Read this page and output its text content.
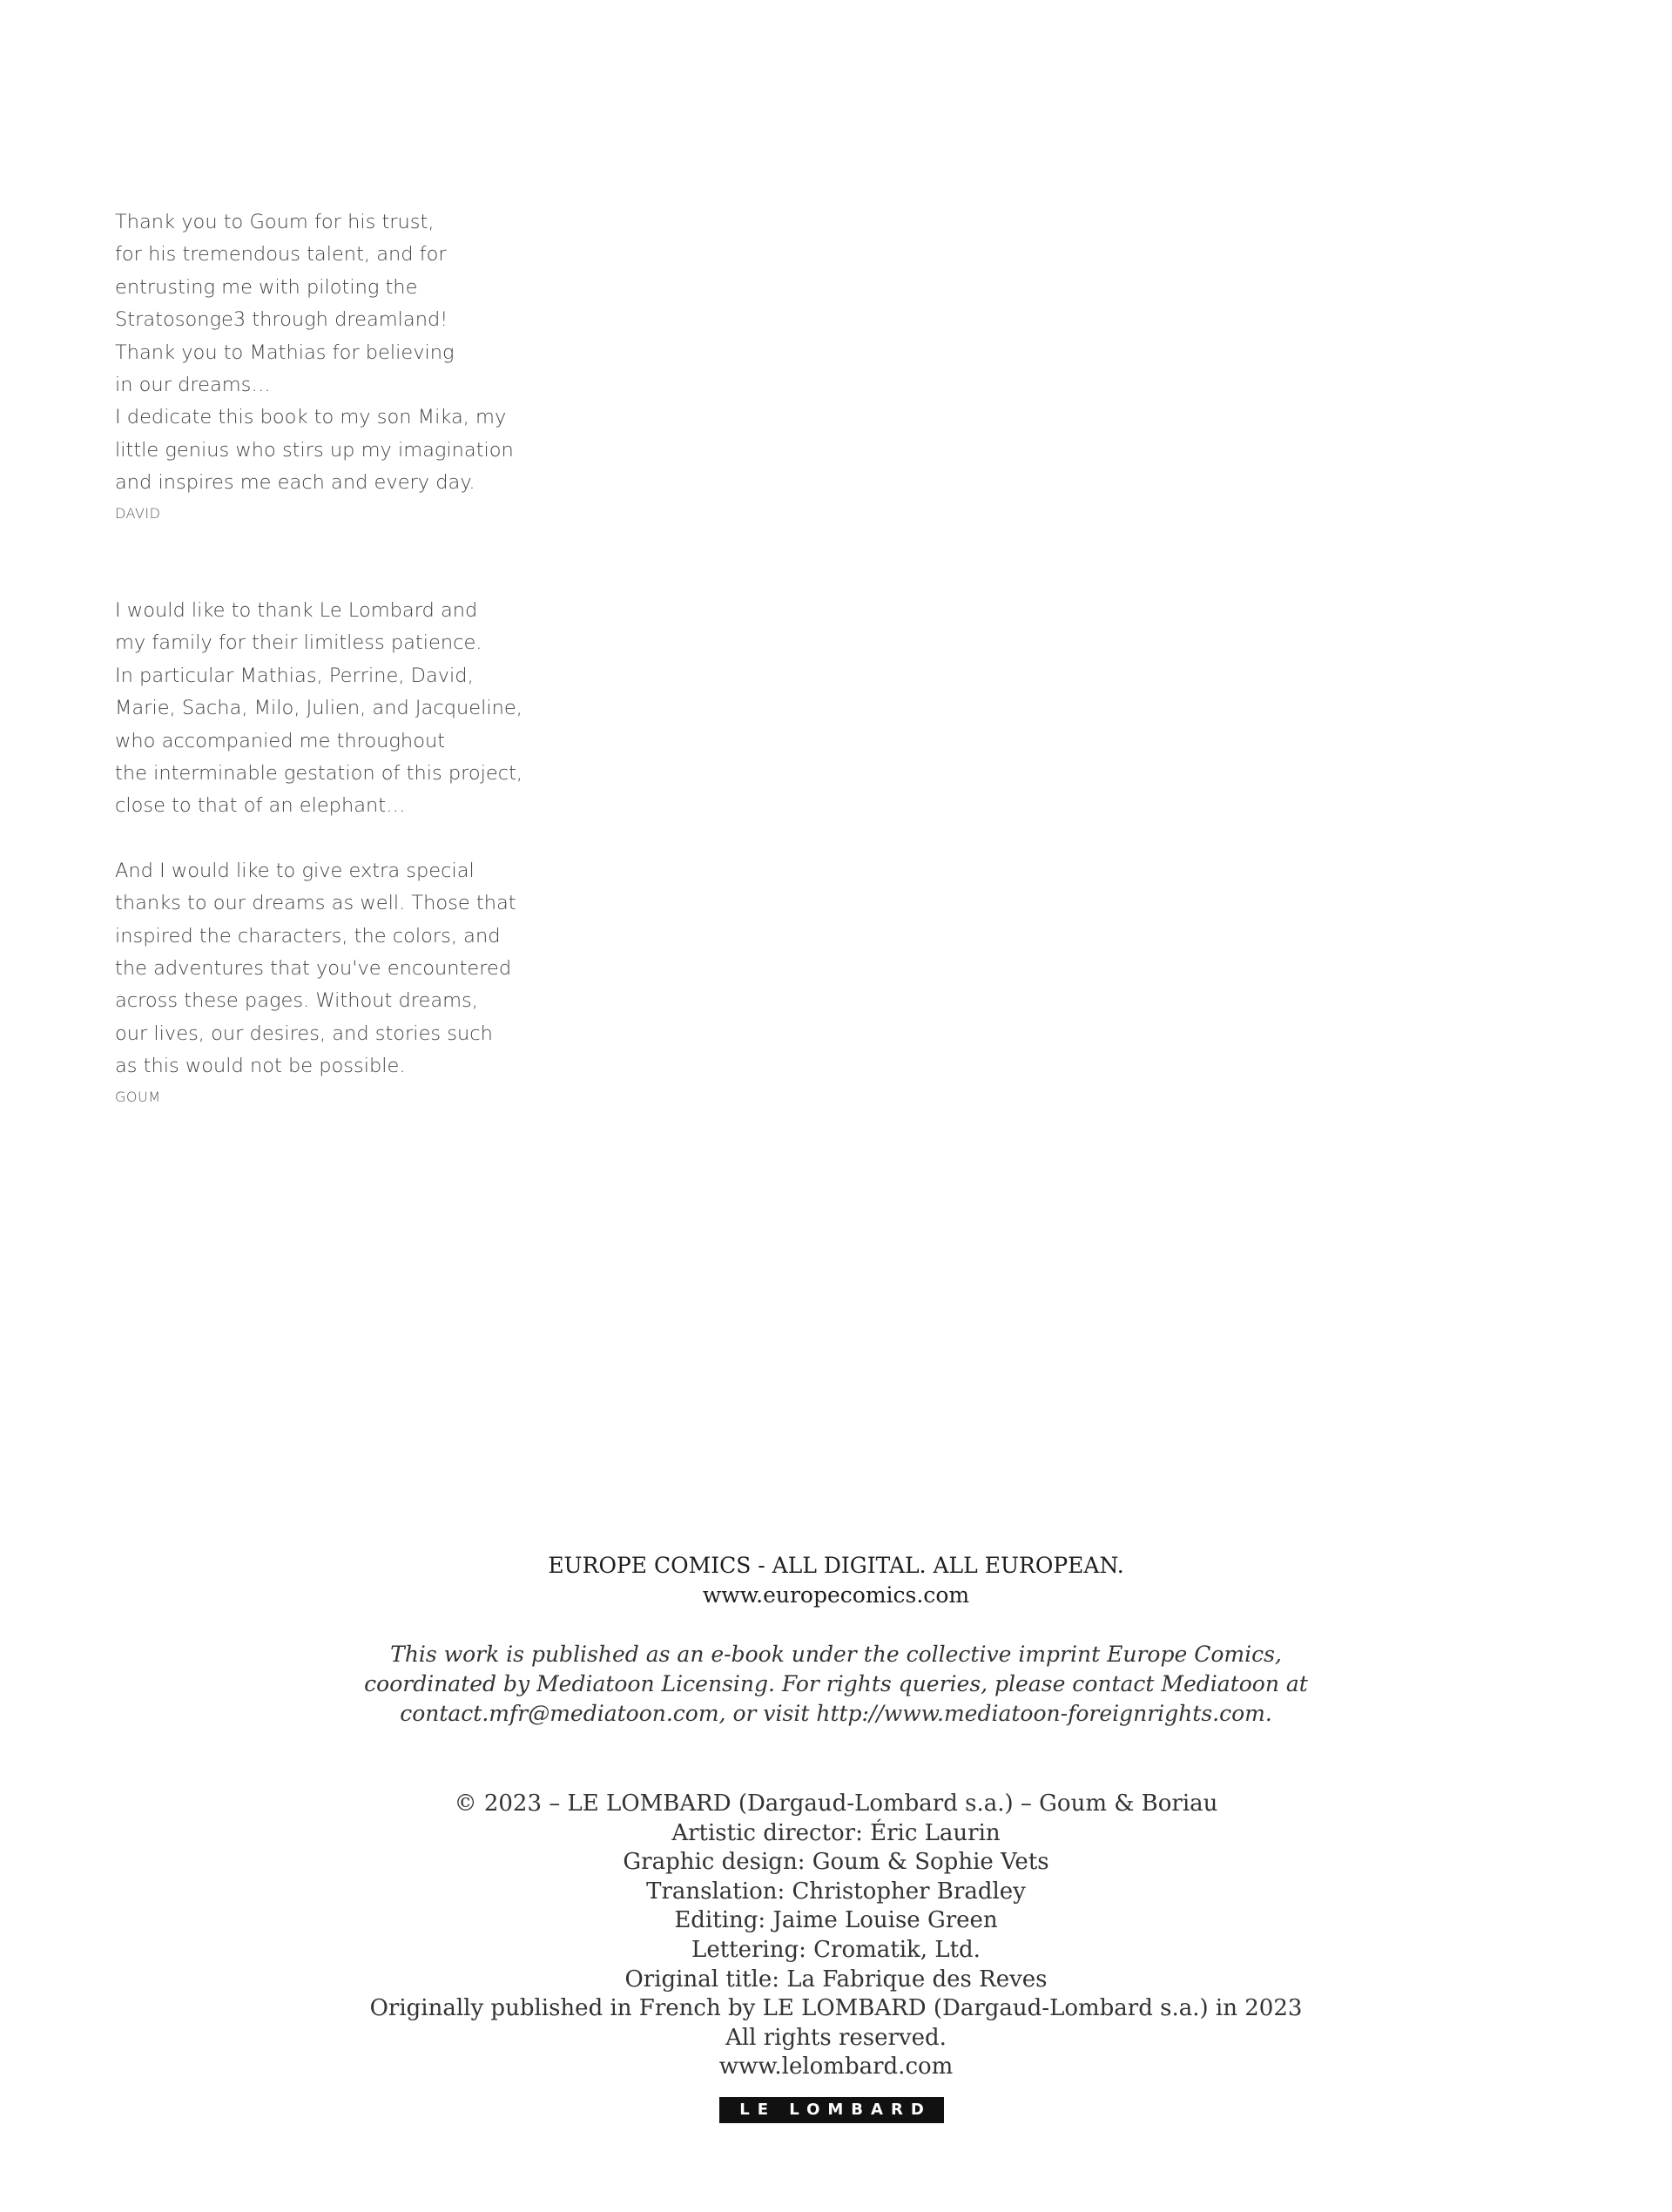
Thank you to Goum for his trust,

for his tremendous talent, and for

entrusting me with piloting the

Stratosonge3 through dreamland!

Thank you to Mathias for believing

in our dreams…

I dedicate this book to my son Mika, my

little genius who stirs up my imagination

and inspires me each and every day.

DAVID

I would like to thank Le Lombard and

my family for their limitless patience.

In particular Mathias, Perrine, David,

Marie, Sacha, Milo, Julien, and Jacqueline,

who accompanied me throughout

the interminable gestation of this project,

close to that of an elephant…

And I would like to give extra special

thanks to our dreams as well. Those that

inspired the characters, the colors, and

the adventures that you've encountered

across these pages. Without dreams,

our lives, our desires, and stories such

as this would not be possible.

GOUM

EUROPE COMICS - ALL DIGITAL. ALL EUROPEAN.
www.europecomics.com
This work is published as an e-book under the collective imprint Europe Comics,
coordinated by Mediatoon Licensing. For rights queries, please contact Mediatoon at
contact.mfr@mediatoon.com, or visit http://www.mediatoon-foreignrights.com.
© 2023 – LE LOMBARD (Dargaud-Lombard s.a.) – Goum & Boriau
Artistic director: Éric Laurin
Graphic design: Goum & Sophie Vets
Translation: Christopher Bradley
Editing: Jaime Louise Green
Lettering: Cromatik, Ltd.
Original title: La Fabrique des Reves
Originally published in French by LE LOMBARD (Dargaud-Lombard s.a.) in 2023
All rights reserved.
www.lelombard.com
LE LOMBARD
